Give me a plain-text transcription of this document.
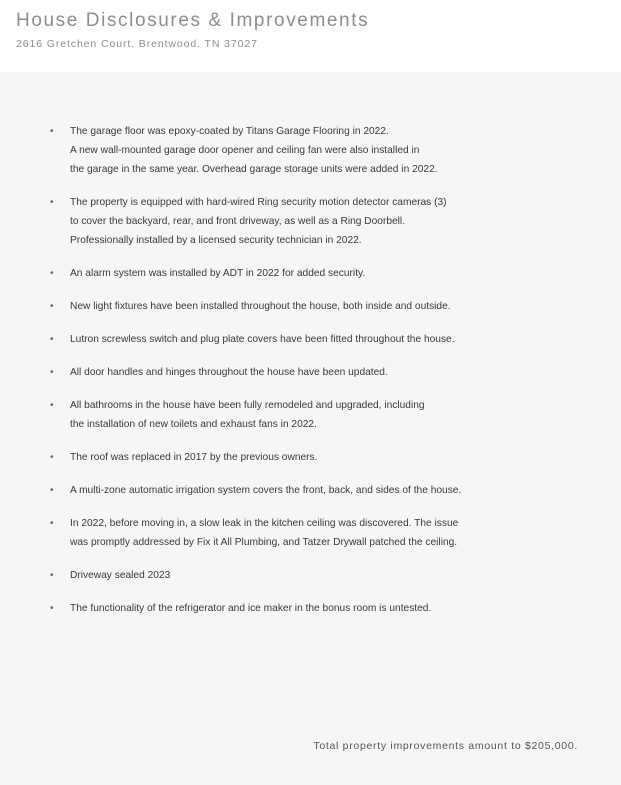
House Disclosures & Improvements
2616 Gretchen Court. Brentwood. TN 37027
•	The garage floor was epoxy-coated by Titans Garage Flooring in 2022.
A new wall-mounted garage door opener and ceiling fan were also installed in
the garage in the same year. Overhead garage storage units were added in 2022.
•	The property is equipped with hard-wired Ring security motion detector cameras (3)
to cover the backyard, rear, and front driveway, as well as a Ring Doorbell.
Professionally installed by a licensed security technician in 2022.
•	An alarm system was installed by ADT in 2022 for added security.
•	New light fixtures have been installed throughout the house, both inside and outside.
•	Lutron screwless switch and plug plate covers have been fitted throughout the house.
•	All door handles and hinges throughout the house have been updated.
•	All bathrooms in the house have been fully remodeled and upgraded, including
the installation of new toilets and exhaust fans in 2022.
•	The roof was replaced in 2017 by the previous owners.
•	A multi-zone automatic irrigation system covers the front, back, and sides of the house.
•	In 2022, before moving in, a slow leak in the kitchen ceiling was discovered. The issue
was promptly addressed by Fix it All Plumbing, and Tatzer Drywall patched the ceiling.
•	Driveway sealed 2023
•	The functionality of the refrigerator and ice maker in the bonus room is untested.
Total property improvements amount to $205,000.
